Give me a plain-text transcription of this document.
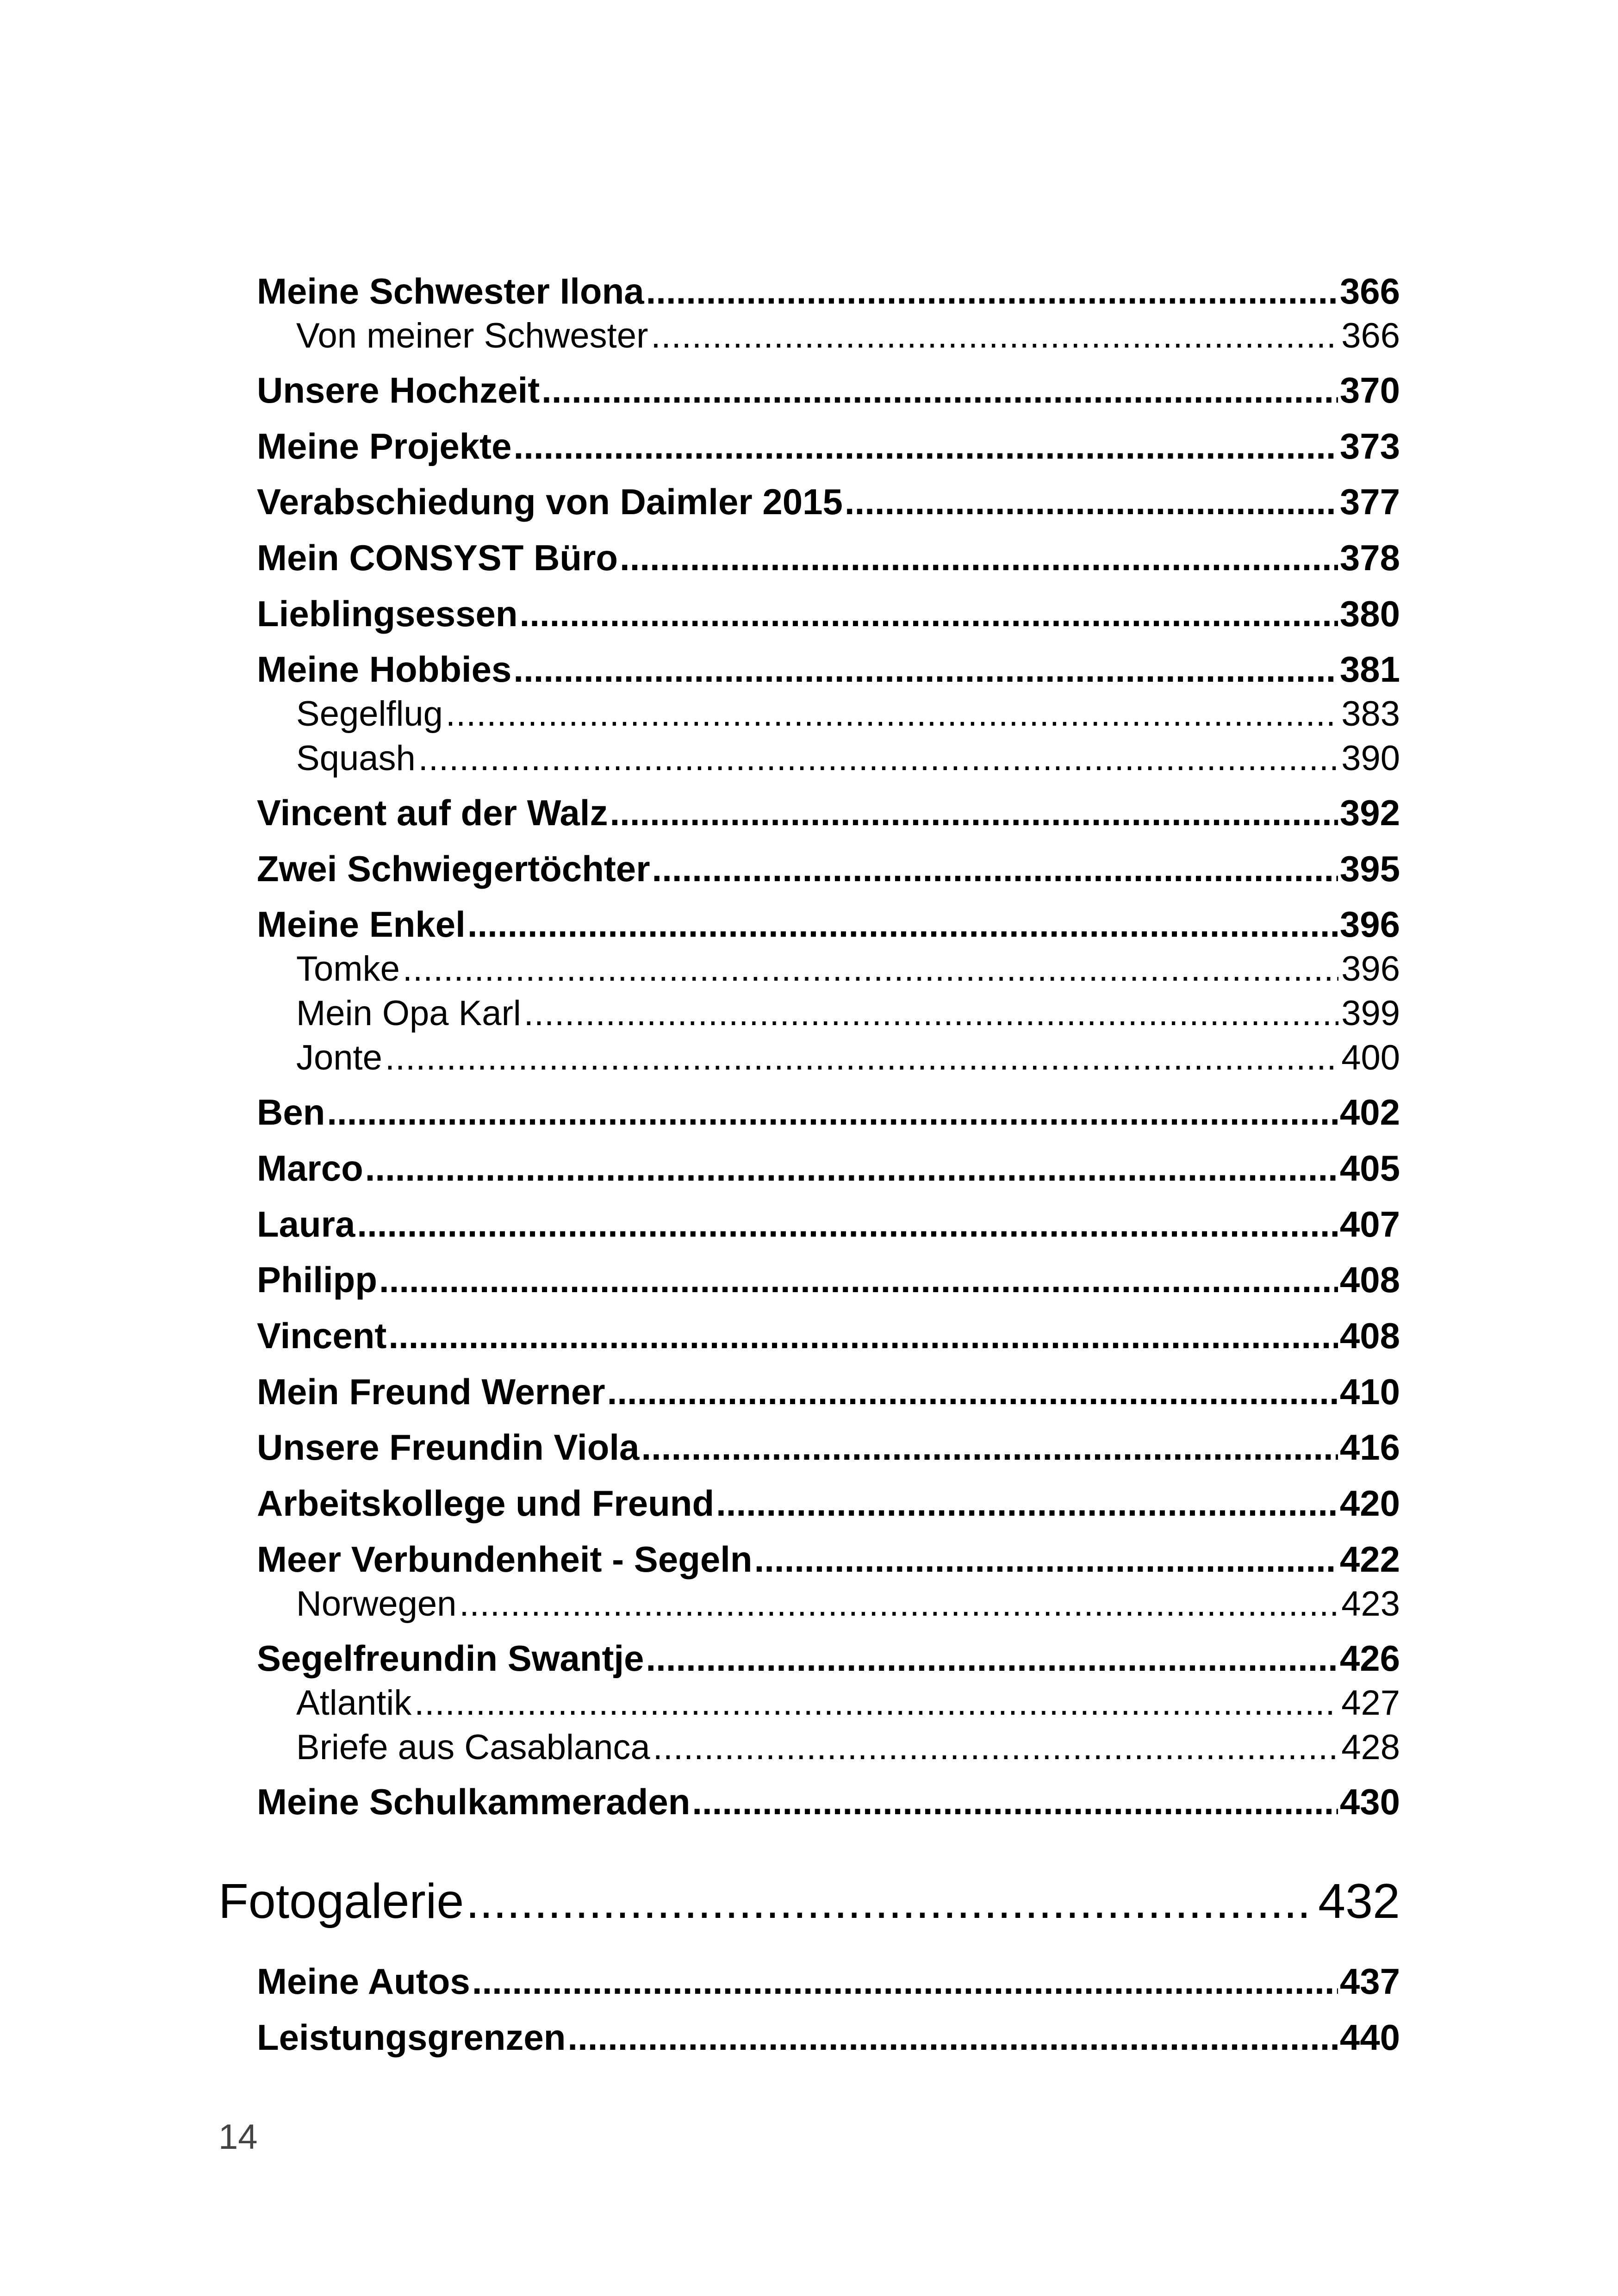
Meine Schwester Ilona .....	366
Von meiner Schwester .....	366
Unsere Hochzeit .....	370
Meine Projekte .....	373
Verabschiedung von Daimler 2015 .....	377
Mein CONSYST Büro .....	378
Lieblingsessen .....	380
Meine Hobbies .....	381
Segelflug .....	383
Squash .....	390
Vincent auf der Walz .....	392
Zwei Schwiegertöchter .....	395
Meine Enkel .....	396
Tomke .....	396
Mein Opa Karl .....	399
Jonte .....	400
Ben .....	402
Marco .....	405
Laura .....	407
Philipp .....	408
Vincent .....	408
Mein Freund Werner .....	410
Unsere Freundin Viola .....	416
Arbeitskollege und Freund .....	420
Meer Verbundenheit - Segeln .....	422
Norwegen .....	423
Segelfreundin Swantje .....	426
Atlantik .....	427
Briefe aus Casablanca .....	428
Meine Schulkammeraden .....	430
Fotogalerie .....	432
Meine Autos .....	437
Leistungsgrenzen .....	440
14
